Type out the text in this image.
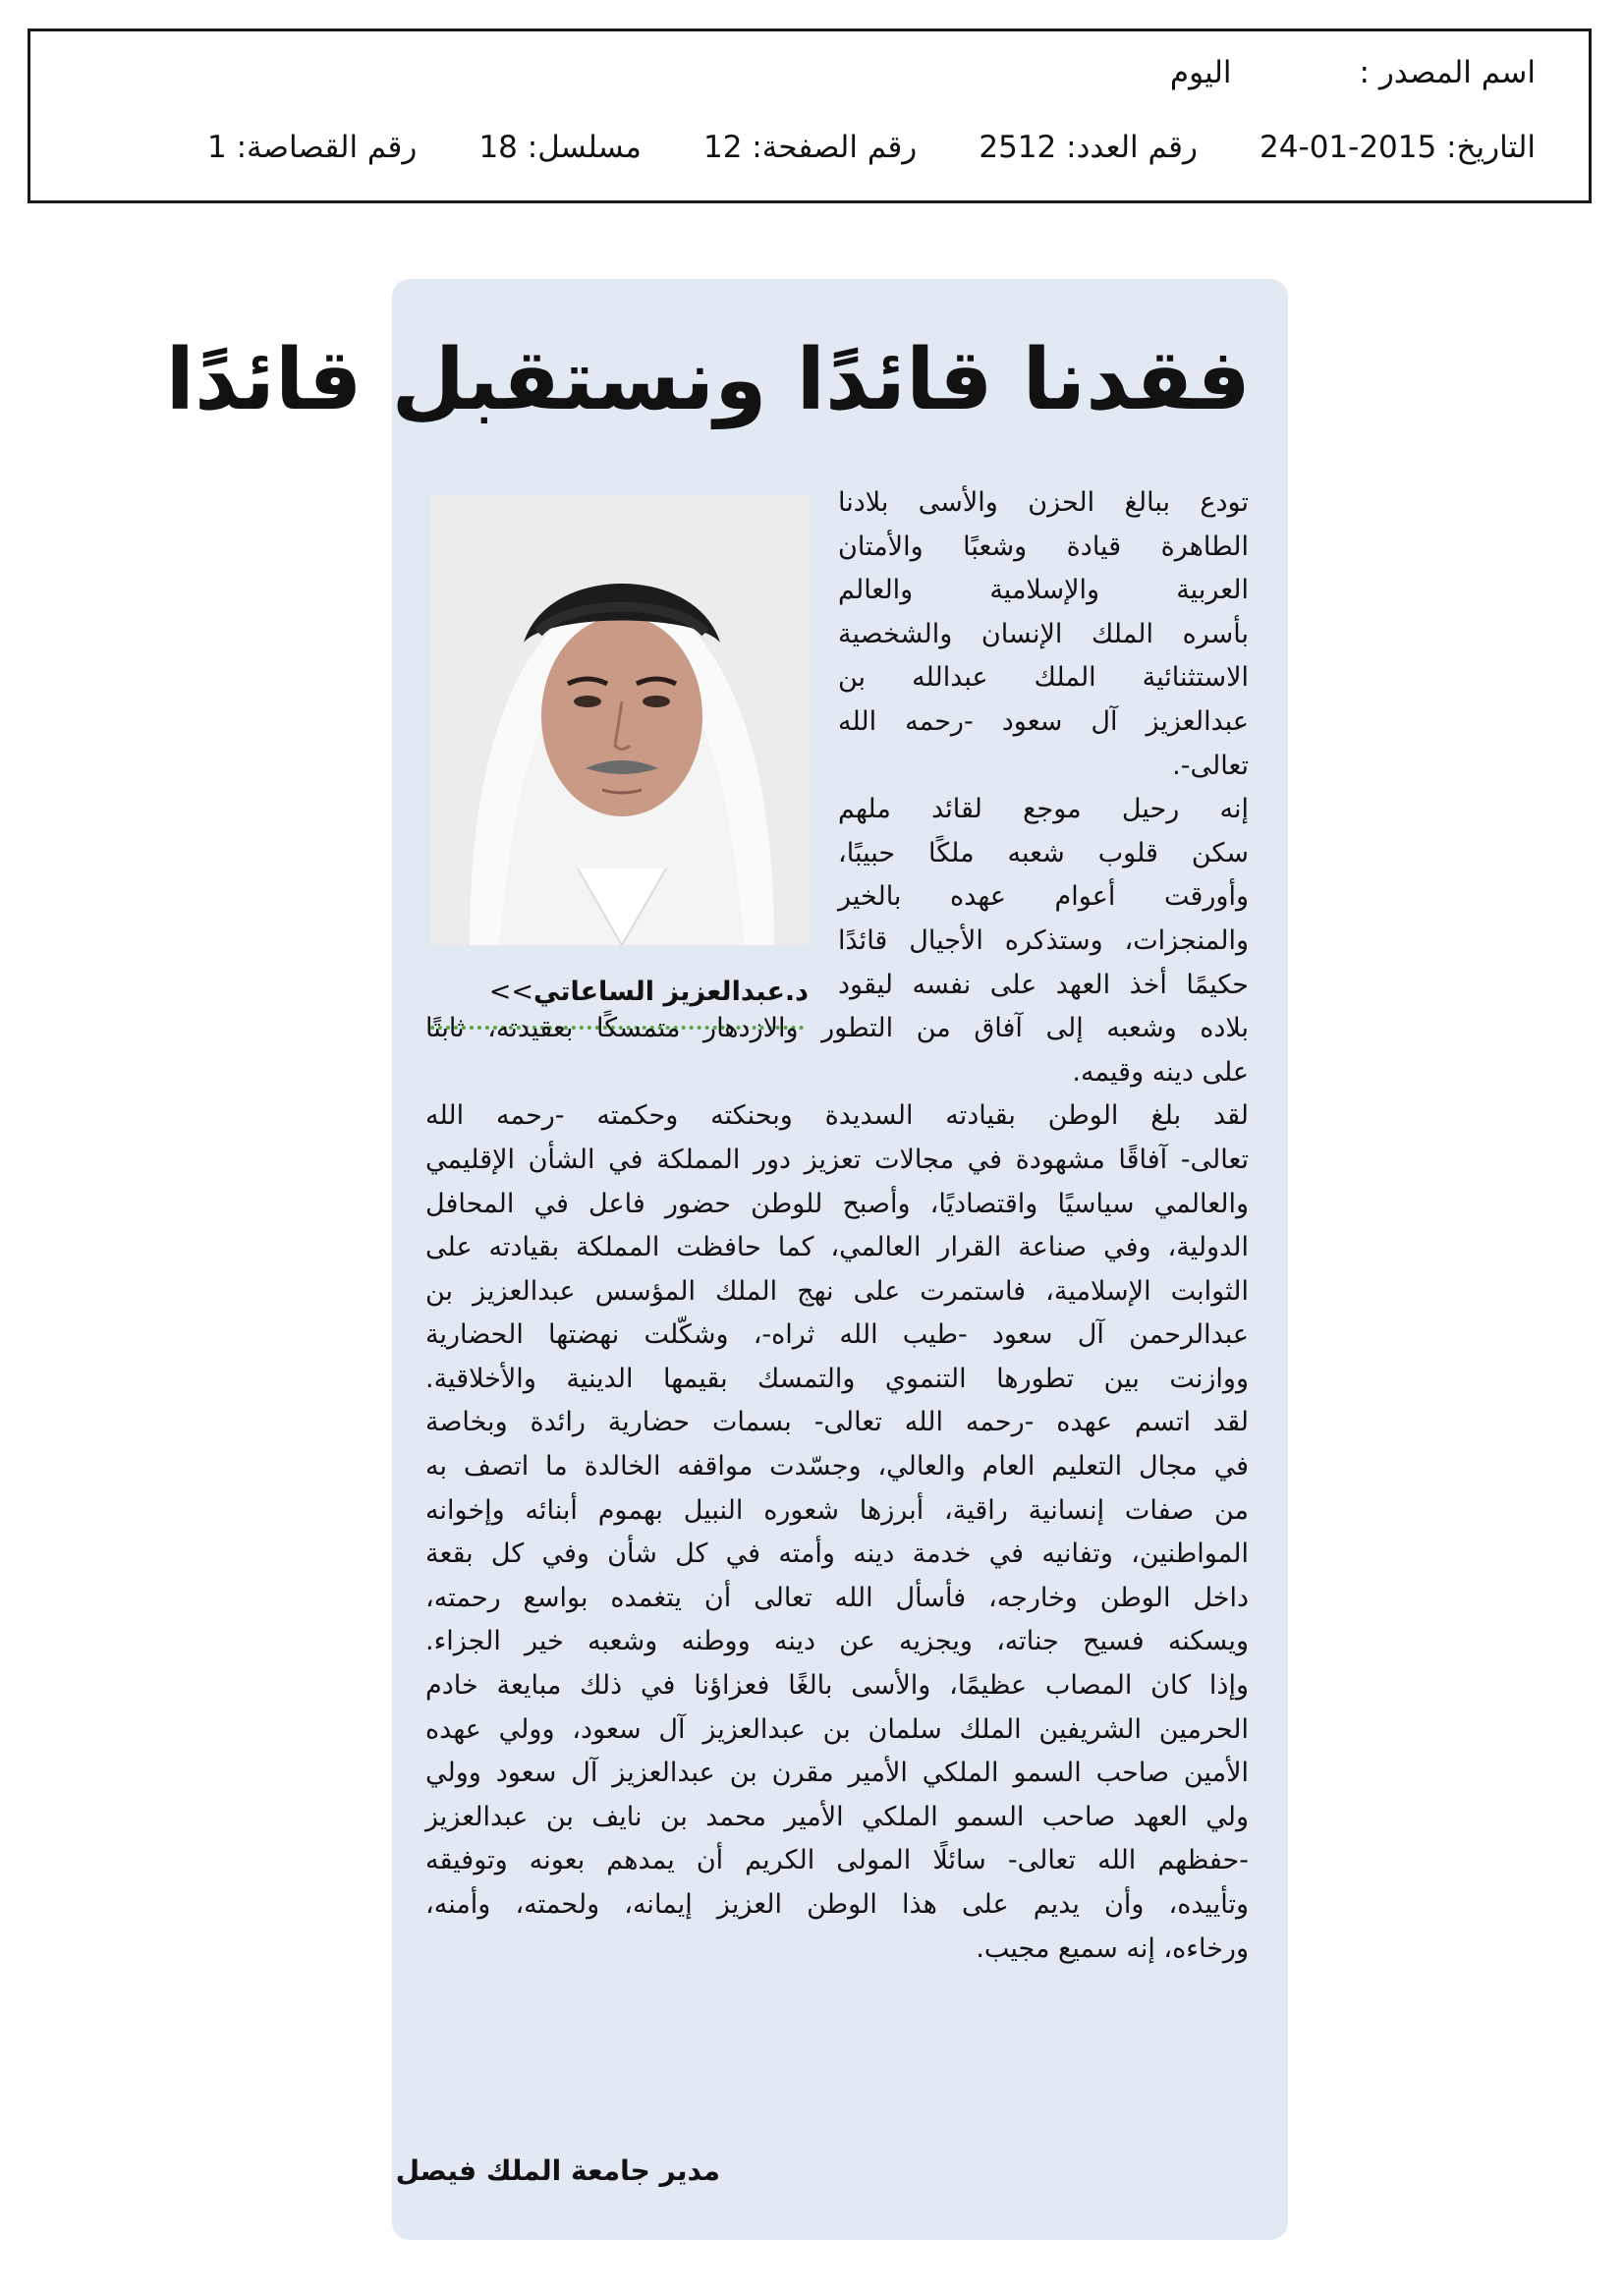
اسم المصدر :اليوم
التاريخ: 2015-01-24
رقم العدد: 2512
رقم الصفحة: 12
مسلسل: 18
رقم القصاصة: 1
فقدنا قائدًا ونستقبل قائدًا
د.عبدالعزيز الساعاتي>>
تودع ببالغ الحزن والأسى بلادنا
الطاهرة قيادة وشعبًا والأمتان
العربية والإسلامية والعالم
بأسره الملك الإنسان والشخصية
الاستثنائية الملك عبدالله بن
عبدالعزيز آل سعود -رحمه الله
تعالى-.
إنه رحيل موجع لقائد ملهم
سكن قلوب شعبه ملكًا حبيبًا،
وأورقت أعوام عهده بالخير
والمنجزات، وستذكره الأجيال قائدًا
حكيمًا أخذ العهد على نفسه ليقود
بلاده وشعبه إلى آفاق من التطور والازدهار متمسكًا بعقيدته، ثابتًا
على دينه وقيمه.
لقد بلغ الوطن بقيادته السديدة وبحنكته وحكمته -رحمه الله
تعالى- آفاقًا مشهودة في مجالات تعزيز دور المملكة في الشأن الإقليمي
والعالمي سياسيًا واقتصاديًا، وأصبح للوطن حضور فاعل في المحافل
الدولية، وفي صناعة القرار العالمي، كما حافظت المملكة بقيادته على
الثوابت الإسلامية، فاستمرت على نهج الملك المؤسس عبدالعزيز بن
عبدالرحمن آل سعود -طيب الله ثراه-، وشكّلت نهضتها الحضارية
ووازنت بين تطورها التنموي والتمسك بقيمها الدينية والأخلاقية.
لقد اتسم عهده -رحمه الله تعالى- بسمات حضارية رائدة وبخاصة
في مجال التعليم العام والعالي، وجسّدت مواقفه الخالدة ما اتصف به
من صفات إنسانية راقية، أبرزها شعوره النبيل بهموم أبنائه وإخوانه
المواطنين، وتفانيه في خدمة دينه وأمته في كل شأن وفي كل بقعة
داخل الوطن وخارجه، فأسأل الله تعالى أن يتغمده بواسع رحمته،
ويسكنه فسيح جناته، ويجزيه عن دينه ووطنه وشعبه خير الجزاء.
وإذا كان المصاب عظيمًا، والأسى بالغًا فعزاؤنا في ذلك مبايعة خادم
الحرمين الشريفين الملك سلمان بن عبدالعزيز آل سعود، وولي عهده
الأمين صاحب السمو الملكي الأمير مقرن بن عبدالعزيز آل سعود وولي
ولي العهد صاحب السمو الملكي الأمير محمد بن نايف بن عبدالعزيز
-حفظهم الله تعالى- سائلًا المولى الكريم أن يمدهم بعونه وتوفيقه
وتأييده، وأن يديم على هذا الوطن العزيز إيمانه، ولحمته، وأمنه،
ورخاءه، إنه سميع مجيب.
مدير جامعة الملك فيصل
